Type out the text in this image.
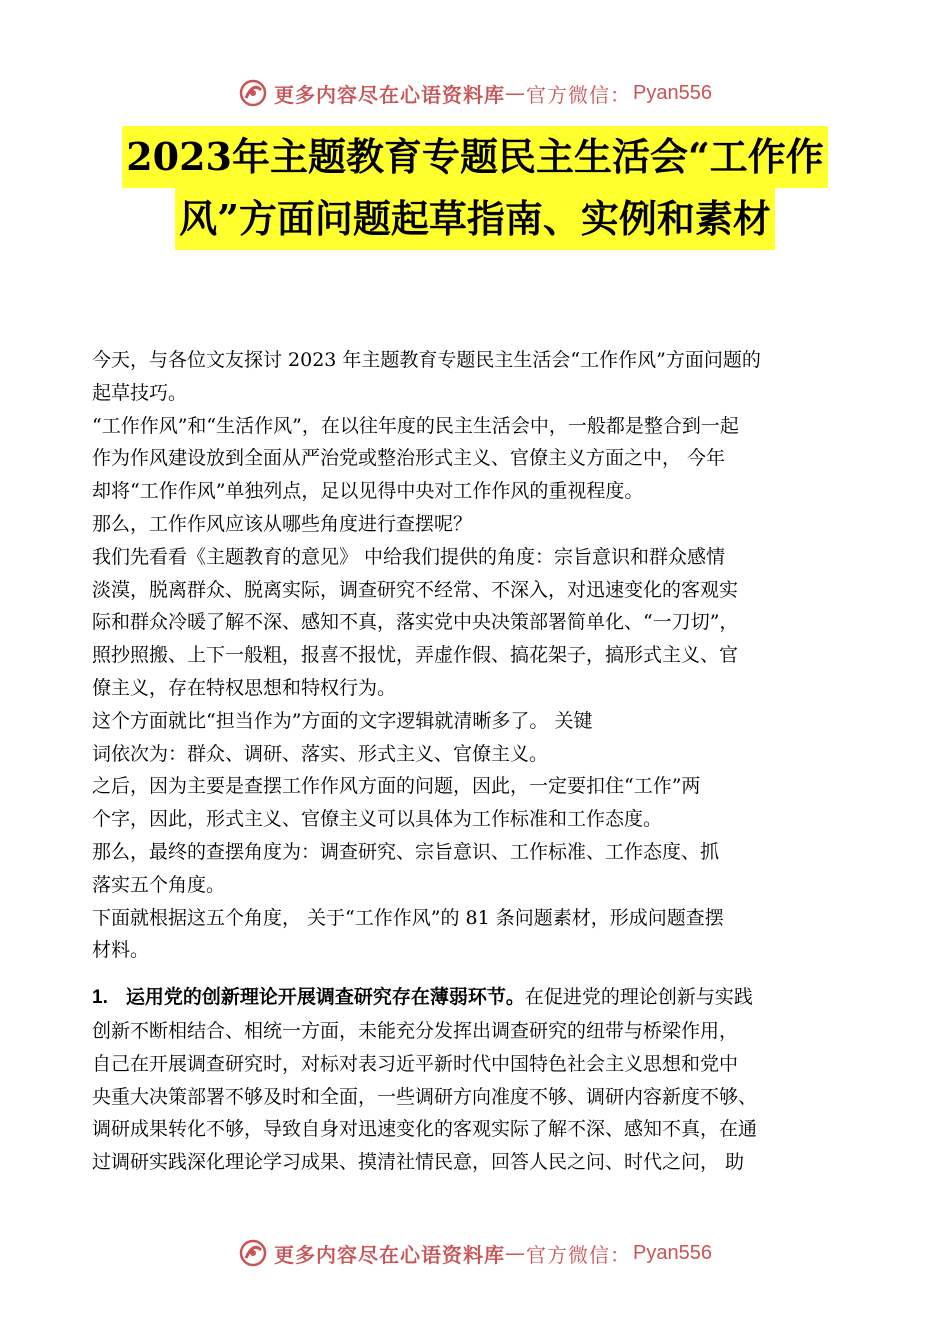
更多内容尽在心语资料库 — 官方微信： Pyan556
2023年主题教育专题民主生活会“工作作
风”方面问题起草指南、实例和素材
今天，与各位文友探讨 2023 年主题教育专题民主生活会“工作作风”方面问题的
起草技巧。
“工作作风”和“生活作风”，在以往年度的民主生活会中，一般都是整合到一起
作为作风建设放到全面从严治党或整治形式主义、官僚主义方面之中， 今年
却将“工作作风”单独列点，足以见得中央对工作作风的重视程度。
那么，工作作风应该从哪些角度进行查摆呢？
我们先看看《主题教育的意见》 中给我们提供的角度：宗旨意识和群众感情
淡漠，脱离群众、脱离实际，调查研究不经常、不深入，对迅速变化的客观实
际和群众冷暖了解不深、感知不真，落实党中央决策部署简单化、“一刀切”，
照抄照搬、上下一般粗，报喜不报忧，弄虚作假、搞花架子，搞形式主义、官
僚主义，存在特权思想和特权行为。
这个方面就比“担当作为”方面的文字逻辑就清晰多了。 关键
词依次为：群众、调研、落实、形式主义、官僚主义。
之后，因为主要是查摆工作作风方面的问题，因此，一定要扣住“工作”两
个字，因此，形式主义、官僚主义可以具体为工作标准和工作态度。
那么，最终的查摆角度为：调查研究、宗旨意识、工作标准、工作态度、抓
落实五个角度。
下面就根据这五个角度， 关于“工作作风”的 81 条问题素材，形成问题查摆
材料。
1. 运用党的创新理论开展调查研究存在薄弱环节。在促进党的理论创新与实践
创新不断相结合、相统一方面，未能充分发挥出调查研究的纽带与桥梁作用，
自己在开展调查研究时，对标对表习近平新时代中国特色社会主义思想和党中
央重大决策部署不够及时和全面，一些调研方向准度不够、调研内容新度不够、
调研成果转化不够，导致自身对迅速变化的客观实际了解不深、感知不真，在通
过调研实践深化理论学习成果、摸清社情民意，回答人民之问、时代之问， 助
更多内容尽在心语资料库 — 官方微信： Pyan556
